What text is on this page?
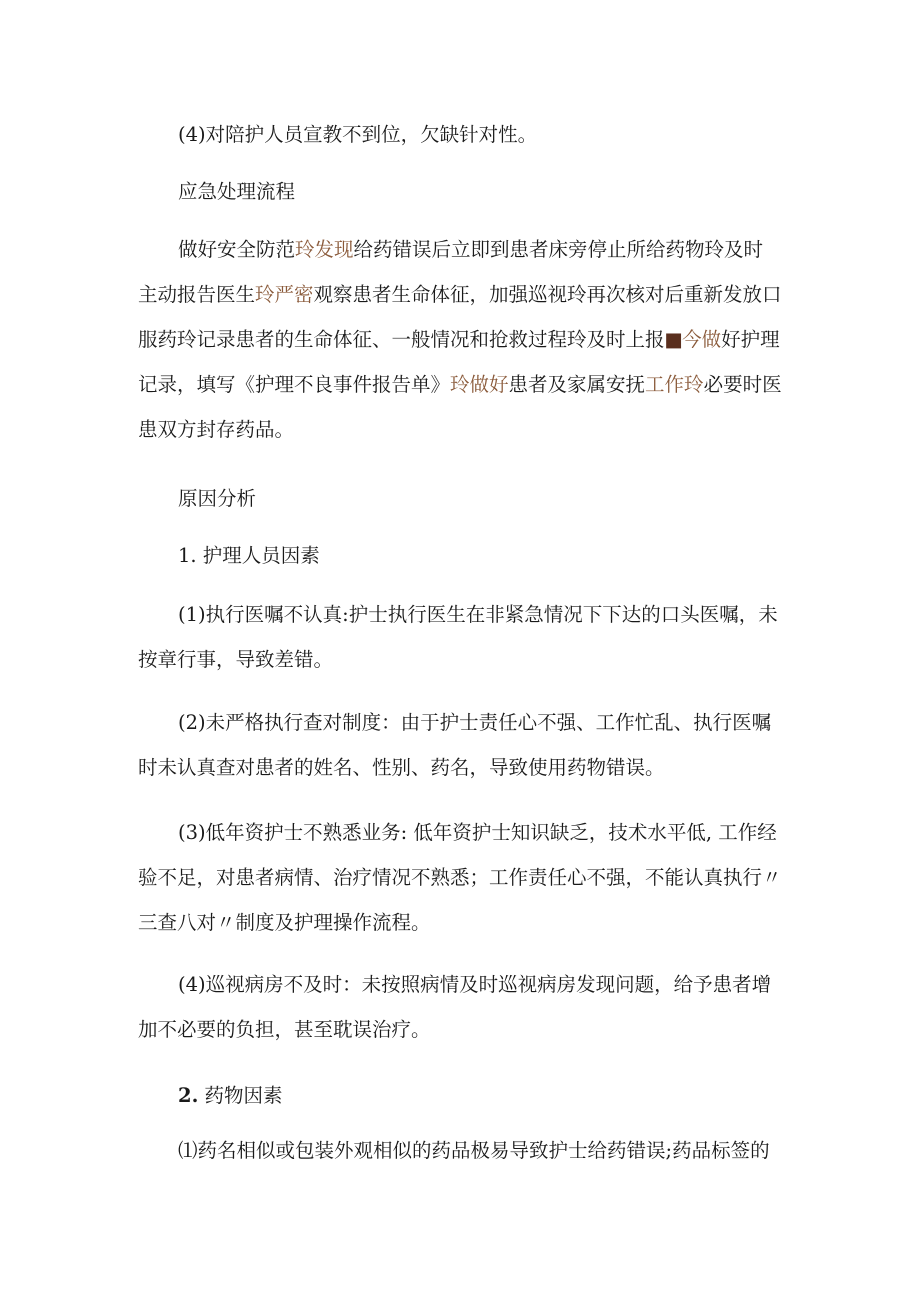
(4)对陪护人员宣教不到位，欠缺针对性。

应急处理流程

做好安全防范玲发现给药错误后立即到患者床旁停止所给药物玲及时
主动报告医生玲严密观察患者生命体征，加强巡视玲再次核对后重新发放口
服药玲记录患者的生命体征、一般情况和抢救过程玲及时上报■今做好护理
记录，填写《护理不良事件报告单》玲做好患者及家属安抚工作玲必要时医
患双方封存药品。

原因分析

1. 护理人员因素

(1)执行医嘱不认真:护士执行医生在非紧急情况下下达的口头医嘱，未
按章行事，导致差错。
(2)未严格执行查对制度：由于护士责任心不强、工作忙乱、执行医嘱
时未认真查对患者的姓名、性别、药名，导致使用药物错误。
(3)低年资护士不熟悉业务: 低年资护士知识缺乏，技术水平低, 工作经
验不足，对患者病情、治疗情况不熟悉；工作责任心不强，不能认真执行〃
三查八对〃制度及护理操作流程。
(4)巡视病房不及时：未按照病情及时巡视病房发现问题，给予患者增
加不必要的负担，甚至耽误治疗。

2. 药物因素

⑴药名相似或包装外观相似的药品极易导致护士给药错误;药品标签的
